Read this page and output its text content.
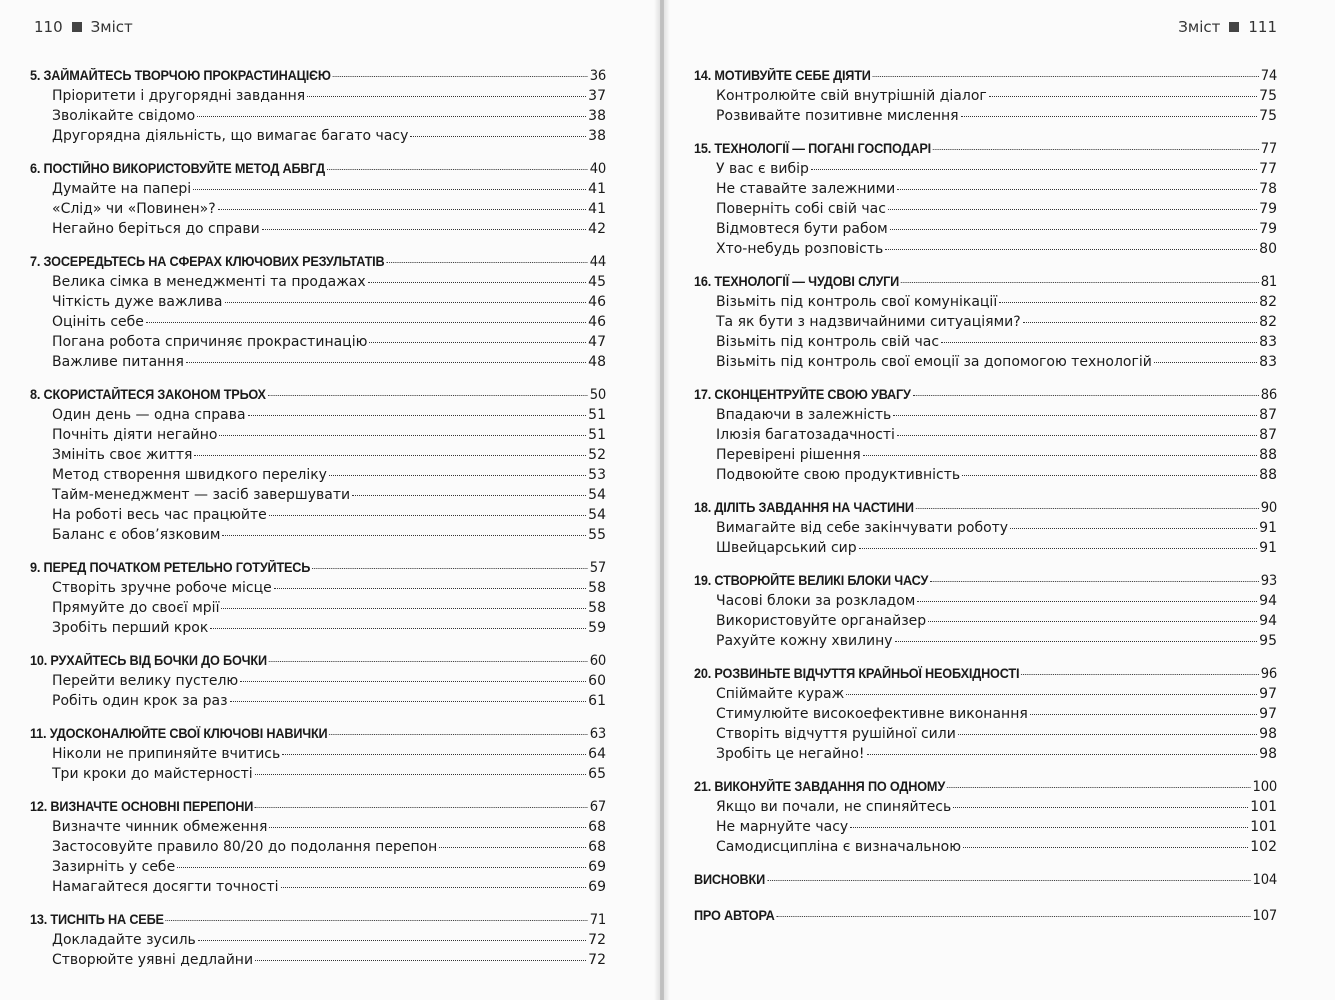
110 Зміст
5. ЗАЙМАЙТЕСЬ ТВОРЧОЮ ПРОКРАСТИНАЦІЄЮ	36
Пріоритети і другорядні завдання	37
Зволікайте свідомо	38
Другорядна діяльність, що вимагає багато часу	38
6. ПОСТІЙНО ВИКОРИСТОВУЙТЕ МЕТОД АБВГД	40
Думайте на папері	41
«Слід» чи «Повинен»?	41
Негайно беріться до справи	42
7. ЗОСЕРЕДЬТЕСЬ НА СФЕРАХ КЛЮЧОВИХ РЕЗУЛЬТАТІВ	44
Велика сімка в менеджменті та продажах	45
Чіткість дуже важлива	46
Оцініть себе	46
Погана робота спричиняє прокрастинацію	47
Важливе питання	48
8. СКОРИСТАЙТЕСЯ ЗАКОНОМ ТРЬОХ	50
Один день — одна справа	51
Почніть діяти негайно	51
Змініть своє життя	52
Метод створення швидкого переліку	53
Тайм-менеджмент — засіб завершувати	54
На роботі весь час працюйте	54
Баланс є обов’язковим	55
9. ПЕРЕД ПОЧАТКОМ РЕТЕЛЬНО ГОТУЙТЕСЬ	57
Створіть зручне робоче місце	58
Прямуйте до своєї мрії	58
Зробіть перший крок	59
10. РУХАЙТЕСЬ ВІД БОЧКИ ДО БОЧКИ	60
Перейти велику пустелю	60
Робіть один крок за раз	61
11. УДОСКОНАЛЮЙТЕ СВОЇ КЛЮЧОВІ НАВИЧКИ	63
Ніколи не припиняйте вчитись	64
Три кроки до майстерності	65
12. ВИЗНАЧТЕ ОСНОВНІ ПЕРЕПОНИ	67
Визначте чинник обмеження	68
Застосовуйте правило 80/20 до подолання перепон	68
Зазирніть у себе	69
Намагайтеся досягти точності	69
13. ТИСНІТЬ НА СЕБЕ	71
Докладайте зусиль	72
Створюйте уявні дедлайни	72
Зміст 111
14. МОТИВУЙТЕ СЕБЕ ДІЯТИ	74
Контролюйте свій внутрішній діалог	75
Розвивайте позитивне мислення	75
15. ТЕХНОЛОГІЇ — ПОГАНІ ГОСПОДАРІ	77
У вас є вибір	77
Не ставайте залежними	78
Поверніть собі свій час	79
Відмовтеся бути рабом	79
Хто-небудь розповість	80
16. ТЕХНОЛОГІЇ — ЧУДОВІ СЛУГИ	81
Візьміть під контроль свої комунікації	82
Та як бути з надзвичайними ситуаціями?	82
Візьміть під контроль свій час	83
Візьміть під контроль свої емоції за допомогою технологій	83
17. СКОНЦЕНТРУЙТЕ СВОЮ УВАГУ	86
Впадаючи в залежність	87
Ілюзія багатозадачності	87
Перевірені рішення	88
Подвоюйте свою продуктивність	88
18. ДІЛІТЬ ЗАВДАННЯ НА ЧАСТИНИ	90
Вимагайте від себе закінчувати роботу	91
Швейцарський сир	91
19. СТВОРЮЙТЕ ВЕЛИКІ БЛОКИ ЧАСУ	93
Часові блоки за розкладом	94
Використовуйте органайзер	94
Рахуйте кожну хвилину	95
20. РОЗВИНЬТЕ ВІДЧУТТЯ КРАЙНЬОЇ НЕОБХІДНОСТІ	96
Спіймайте кураж	97
Стимулюйте високоефективне виконання	97
Створіть відчуття рушійної сили	98
Зробіть це негайно!	98
21. ВИКОНУЙТЕ ЗАВДАННЯ ПО ОДНОМУ	100
Якщо ви почали, не спиняйтесь	101
Не марнуйте часу	101
Самодисципліна є визначальною	102
ВИСНОВКИ	104
ПРО АВТОРА	107
